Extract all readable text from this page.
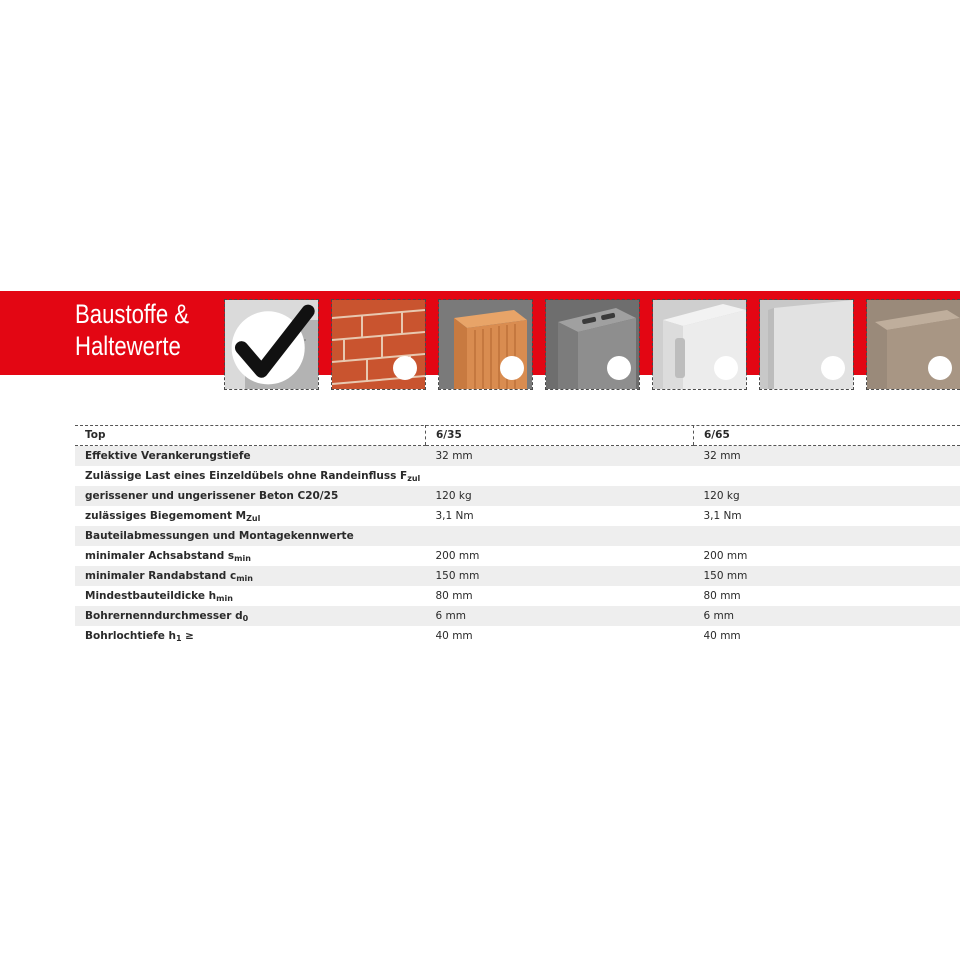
Baustoffe &
Haltewerte
Top	6/35	6/65
Effektive Verankerungstiefe	32 mm	32 mm
Zulässige Last eines Einzeldübels ohne Randeinfluss $F_{zul}$		
gerissener und ungerissener Beton C20/25	120 kg	120 kg
zulässiges Biegemoment $M_{Zul}$	3,1 Nm	3,1 Nm
Bauteilabmessungen und Montagekennwerte		
minimaler Achsabstand $s_{min}$	200 mm	200 mm
minimaler Randabstand $c_{min}$	150 mm	150 mm
Mindestbauteildicke $h_{min}$	80 mm	80 mm
Bohrernenndurchmesser $d_0$	6 mm	6 mm
Bohrlochtiefe $h_1$ ≥	40 mm	40 mm
